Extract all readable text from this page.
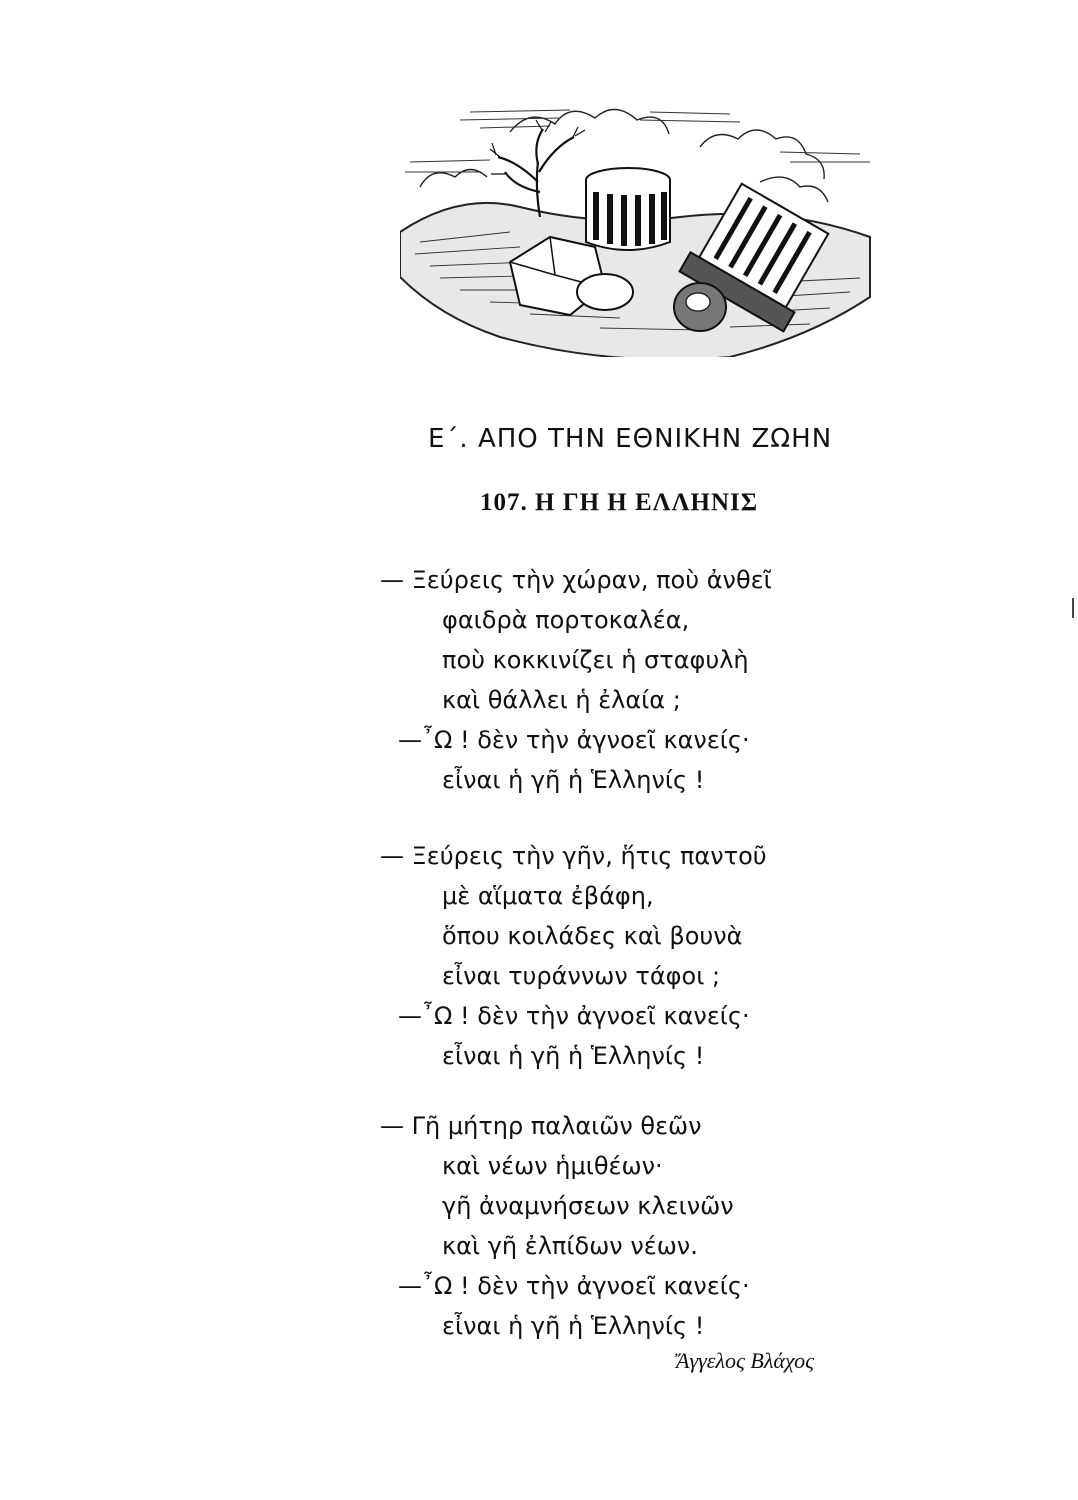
Ε΄. ΑΠΟ ΤΗΝ ΕΘΝΙΚΗΝ ΖΩΗΝ
107. Η ΓΗ Η ΕΛΛΗΝΙΣ
— Ξεύρεις τὴν χώραν, ποὺ ἀνθεῖ
φαιδρὰ πορτοκαλέα,
ποὺ κοκκινίζει ἡ σταφυλὴ
καὶ θάλλει ἡ ἐλαία ;
—῏Ω ! δὲν τὴν ἀγνοεῖ κανείς·
εἶναι ἡ γῆ ἡ Ἑλληνίς !
— Ξεύρεις τὴν γῆν, ἥτις παντοῦ
μὲ αἵματα ἐβάφη,
ὅπου κοιλάδες καὶ βουνὰ
εἶναι τυράννων τάφοι ;
—῏Ω ! δὲν τὴν ἀγνοεῖ κανείς·
εἶναι ἡ γῆ ἡ Ἑλληνίς !
— Γῆ μήτηρ παλαιῶν θεῶν
καὶ νέων ἡμιθέων·
γῆ ἀναμνήσεων κλεινῶν
καὶ γῆ ἐλπίδων νέων.
—῏Ω ! δὲν τὴν ἀγνοεῖ κανείς·
εἶναι ἡ γῆ ἡ Ἑλληνίς !
Ἄγγελος Βλάχος
